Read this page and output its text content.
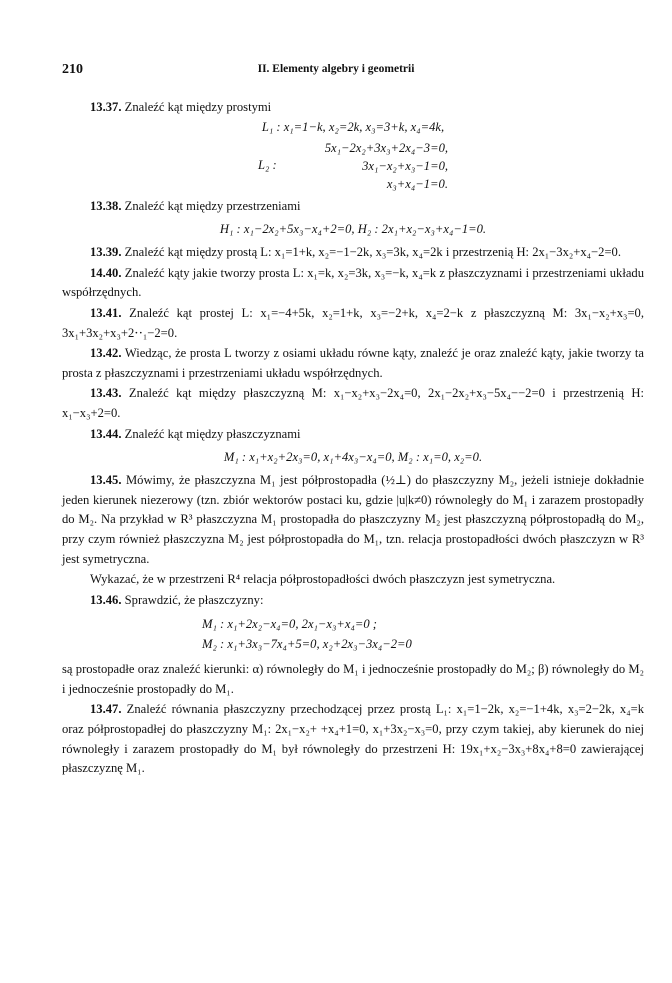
210	II. Elementy algebry i geometrii

13.37. Znaleźć kąt między prostymi

L₁ : x₁=1−k, x₂=2k, x₃=3+k, x₄=4k,
L₂ :
5x₁−2x₂+3x₃+2x₄−3=0,
3x₁−x₂+x₃−1=0,
x₃+x₄−1=0.

13.38. Znaleźć kąt między przestrzeniami

H₁ : x₁−2x₂+5x₃−x₄+2=0, H₂ : 2x₁+x₂−x₃+x₄−1=0.

13.39. Znaleźć kąt między prostą L: x₁=1+k, x₂=−1−2k, x₃=3k, x₄=2k i przestrzenią H: 2x₁−3x₂+x₄−2=0.

14.40. Znaleźć kąty jakie tworzy prosta L: x₁=k, x₂=3k, x₃=−k, x₄=k z płaszczyznami i przestrzeniami układu współrzędnych.

13.41. Znaleźć kąt prostej L: x₁=−4+5k, x₂=1+k, x₃=−2+k, x₄=2−k z płaszczyzną M: 3x₁−x₂+x₃=0, 3x₁+3x₂+x₃+2⋅⋅₁−2=0.

13.42. Wiedząc, że prosta L tworzy z osiami układu równe kąty, znaleźć je oraz znaleźć kąty, jakie tworzy ta prosta z płaszczyznami i przestrzeniami układu współrzędnych.

13.43. Znaleźć kąt między płaszczyzną M: x₁−x₂+x₃−2x₄=0, 2x₁−2x₂+x₃−5x₄−−2=0 i przestrzenią H: x₁−x₃+2=0.

13.44. Znaleźć kąt między płaszczyznami

M₁ : x₁+x₂+2x₃=0, x₁+4x₃−x₄=0, M₂ : x₁=0, x₂=0.

13.45. Mówimy, że płaszczyzna M₁ jest półprostopadła (½⊥) do płaszczyzny M₂, jeżeli istnieje dokładnie jeden kierunek niezerowy (tzn. zbiór wektorów postaci ku, gdzie |u|k≠0) równoległy do M₁ i zarazem prostopadły do M₂. Na przykład w R³ płaszczyzna M₁ prostopadła do płaszczyzny M₂ jest płaszczyzną półprostopadłą do M₂, przy czym również płaszczyzna M₂ jest półprostopadła do M₁, tzn. relacja prostopadłości dwóch płaszczyzn w R³ jest symetryczna.

Wykazać, że w przestrzeni R⁴ relacja półprostopadłości dwóch płaszczyzn jest symetryczna.

13.46. Sprawdzić, że płaszczyzny:

M₁ : x₁+2x₂−x₄=0, 2x₁−x₃+x₄=0 ;
M₂ : x₁+3x₃−7x₄+5=0, x₂+2x₃−3x₄−2=0

są prostopadłe oraz znaleźć kierunki: α) równoległy do M₁ i jednocześnie prostopadły do M₂; β) równoległy do M₂ i jednocześnie prostopadły do M₁.

13.47. Znaleźć równania płaszczyzny przechodzącej przez prostą L₁: x₁=1−2k, x₂=−1+4k, x₃=2−2k, x₄=k oraz półprostopadłej do płaszczyzny M₁: 2x₁−x₂+ +x₄+1=0, x₁+3x₂−x₃=0, przy czym takiej, aby kierunek do niej równoległy i zarazem prostopadły do M₁ był równoległy do przestrzeni H: 19x₁+x₂−3x₃+8x₄+8=0 zawierającej płaszczyznę M₁.
